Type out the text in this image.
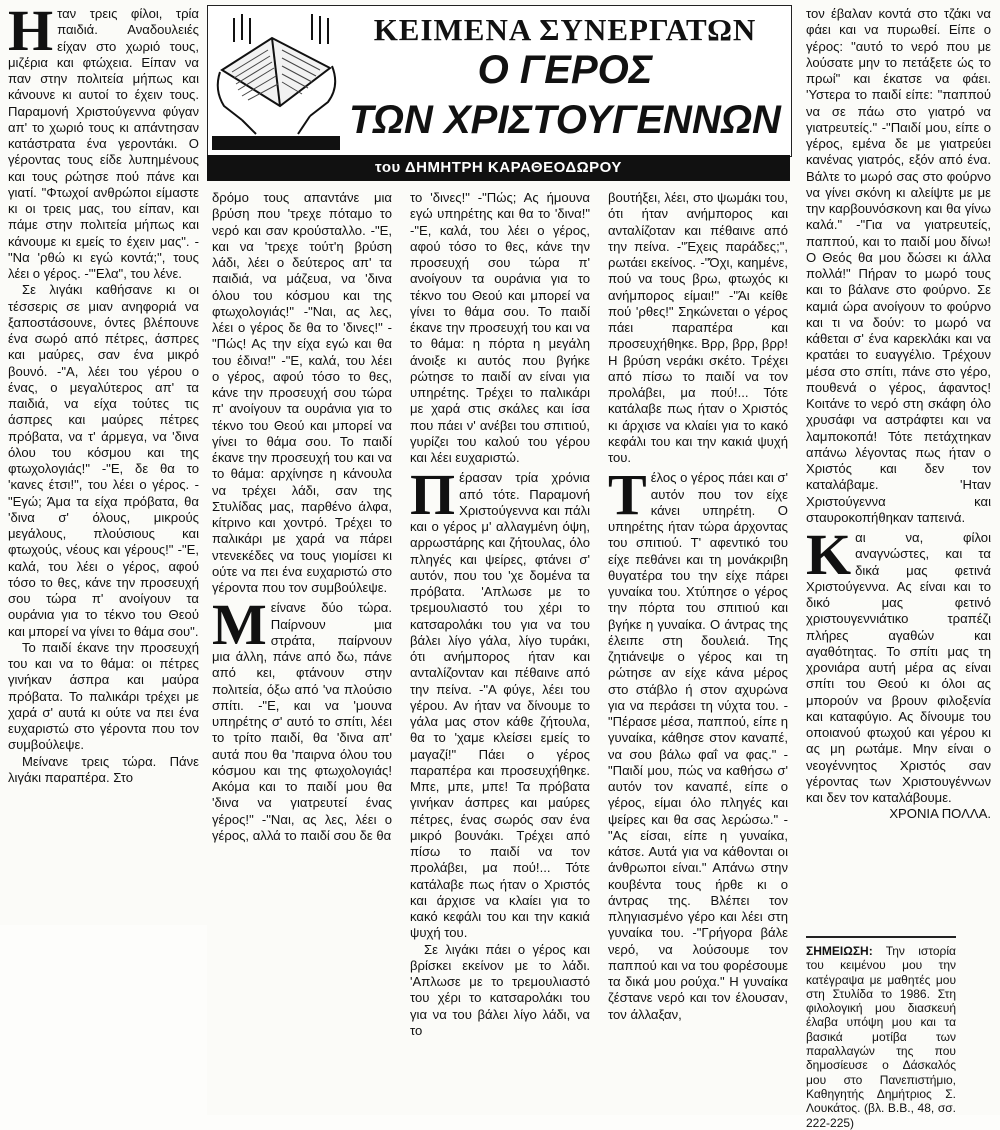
ΚΕΙΜΕΝΑ ΣΥΝΕΡΓΑΤΩΝ
Ο ΓΕΡΟΣ
ΤΩΝ ΧΡΙΣΤΟΥΓΕΝΝΩΝ
του ΔΗΜΗΤΡΗ ΚΑΡΑΘΕΟΔΩΡΟΥ
Η ταν τρεις φίλοι, τρία παιδιά. Αναδουλειές είχαν στο χωριό τους, μιζέρια και φτώχεια. Είπαν να παν στην πολιτεία μήπως και κάνουνε κι αυτοί το έχειν τους. Παραμονή Χριστούγεννα φύγαν απ' το χωριό τους κι απάντησαν κατάστρατα ένα γεροντάκι. Ο γέροντας τους είδε λυπημένους και τους ρώτησε πού πάνε και γιατί. "Φτωχοί ανθρώποι είμαστε κι οι τρεις μας, του είπαν, και πάμε στην πολιτεία μήπως και κάνουμε κι εμείς το έχειν μας". -"Να 'ρθώ κι εγώ κοντά;", τους λέει ο γέρος. -"'Ελα", του λένε.

Σε λιγάκι καθήσανε κι οι τέσσερις σε μιαν ανηφοριά να ξαποστάσουνε, όντες βλέπουνε ένα σωρό από πέτρες, άσπρες και μαύρες, σαν ένα μικρό βουνό. -"Α, λέει του γέρου ο ένας, ο μεγαλύτερος απ' τα παιδιά, να είχα τούτες τις άσπρες και μαύρες πέτρες πρόβατα, να τ' άρμεγα, να 'δινα όλου του κόσμου και της φτωχολογιάς!" -"Ε, δε θα το 'κανες έτσι!", του λέει ο γέρος. -"Εγώ; Άμα τα είχα πρόβατα, θα 'δινα σ' όλους, μικρούς μεγάλους, πλούσιους και φτωχούς, νέους και γέρους!" -"Ε, καλά, του λέει ο γέρος, αφού τόσο το θες, κάνε την προσευχή σου τώρα π' ανοίγουν τα ουράνια για το τέκνο του Θεού και μπορεί να γίνει το θάμα σου".

Το παιδί έκανε την προσευχή του και να το θάμα: οι πέτρες γινήκαν άσπρα και μαύρα πρόβατα. Το παλικάρι τρέχει με χαρά σ' αυτά κι ούτε να πει ένα ευχαριστώ στο γέροντα που τον συμβούλεψε.

Μείνανε τρεις τώρα. Πάνε λιγάκι παραπέρα. Στο

δρόμο τους απαντάνε μια βρύση που 'τρεχε πόταμο το νερό και σαν κρούσταλλο. -"Ε, και να 'τρεχε τούτ'η βρύση λάδι, λέει ο δεύτερος απ' τα παιδιά, να μάζευα, να 'δινα όλου του κόσμου και της φτωχολογιάς!" -"Ναι, ας λες, λέει ο γέρος δε θα το 'δινες!" -"Πώς! Ας την είχα εγώ και θα του έδινα!" -"Ε, καλά, του λέει ο γέρος, αφού τόσο το θες, κάνε την προσευχή σου τώρα π' ανοίγουν τα ουράνια για το τέκνο του Θεού και μπορεί να γίνει το θάμα σου. Το παιδί έκανε την προσευχή του και να το θάμα: αρχίνησε η κάνουλα να τρέχει λάδι, σαν της Στυλίδας μας, παρθένο άλφα, κίτρινο και χοντρό. Τρέχει το παλικάρι με χαρά να πάρει ντενεκέδες να τους γιομίσει κι ούτε να πει ένα ευχαριστώ στο γέροντα που τον συμβούλεψε.

Μ είνανε δύο τώρα. Παίρνουν μια στράτα, παίρνουν μια άλλη, πάνε από δω, πάνε από κει, φτάνουν στην πολιτεία, όξω από 'να πλούσιο σπίτι. -"Ε, και να 'μουνα υπηρέτης σ' αυτό το σπίτι, λέει το τρίτο παιδί, θα 'δινα απ' αυτά που θα 'παιρνα όλου του κόσμου και της φτωχολογιάς! Ακόμα και το παιδί μου θα 'δινα να γιατρευτεί ένας γέρος!" -"Ναι, ας λες, λέει ο γέρος, αλλά το παιδί σου δε θα

το 'δινες!" -"Πώς; Ας ήμουνα εγώ υπηρέτης και θα το 'δινα!" -"Ε, καλά, του λέει ο γέρος, αφού τόσο το θες, κάνε την προσευχή σου τώρα π' ανοίγουν τα ουράνια για το τέκνο του Θεού και μπορεί να γίνει το θάμα σου. Το παιδί έκανε την προσευχή του και να το θάμα: η πόρτα η μεγάλη άνοιξε κι αυτός που βγήκε ρώτησε το παιδί αν είναι για υπηρέτης. Τρέχει το παλικάρι με χαρά στις σκάλες και ίσα που πάει ν' ανέβει του σπιτιού, γυρίζει του καλού του γέρου και λέει ευχαριστώ.

Π έρασαν τρία χρόνια από τότε. Παραμονή Χριστούγεννα και πάλι και ο γέρος μ' αλλαγμένη όψη, αρρωστάρης και ζήτουλας, όλο πληγές και ψείρες, φτάνει σ' αυτόν, που του 'χε δομένα τα πρόβατα. 'Απλωσε με το τρεμουλιαστό του χέρι το κατσαρολάκι του για να του βάλει λίγο γάλα, λίγο τυράκι, ότι ανήμπορος ήταν και ανταλίζονταν και πέθαινε από την πείνα. -"Α φύγε, λέει του γέρου. Αν ήταν να δίνουμε το γάλα μας στον κάθε ζήτουλα, θα το 'χαμε κλείσει εμείς το μαγαζί!" Πάει ο γέρος παραπέρα και προσευχήθηκε. Μπε, μπε, μπε! Τα πρόβατα γινήκαν άσπρες και μαύρες πέτρες, ένας σωρός σαν ένα μικρό βουνάκι. Τρέχει από πίσω το παιδί να τον προλάβει, μα πού!... Τότε κατάλαβε πως ήταν ο Χριστός και άρχισε να κλαίει για το κακό κεφάλι του και την κακιά ψυχή του.

Σε λιγάκι πάει ο γέρος και βρίσκει εκείνον με το λάδι. 'Απλωσε με το τρεμουλιαστό του χέρι το κατσαρολάκι του για να του βάλει λίγο λάδι, να το

βουτήξει, λέει, στο ψωμάκι του, ότι ήταν ανήμπορος και ανταλίζοταν και πέθαινε από την πείνα. -"Έχεις παράδες;", ρωτάει εκείνος. -"Όχι, καημένε, πού να τους βρω, φτωχός κι ανήμπορος είμαι!" -"Άι κείθε πού 'ρθες!" Σηκώνεται ο γέρος πάει παραπέρα και προσευχήθηκε. Βρρ, βρρ, βρρ! Η βρύση νεράκι σκέτο. Τρέχει από πίσω το παιδί να τον προλάβει, μα πού!... Τότε κατάλαβε πως ήταν ο Χριστός κι άρχισε να κλαίει για το κακό κεφάλι του και την κακιά ψυχή του.

Τ έλος ο γέρος πάει και σ' αυτόν που τον είχε κάνει υπηρέτη. Ο υπηρέτης ήταν τώρα άρχοντας του σπιτιού. Τ' αφεντικό του είχε πεθάνει και τη μονάκριβη θυγατέρα του την είχε πάρει γυναίκα του. Χτύπησε ο γέρος την πόρτα του σπιτιού και βγήκε η γυναίκα. Ο άντρας της έλειπε στη δουλειά. Της ζητιάνεψε ο γέρος και τη ρώτησε αν είχε κάνα μέρος στο στάβλο ή στον αχυρώνα για να περάσει τη νύχτα του. -"Πέρασε μέσα, παππού, είπε η γυναίκα, κάθησε στον καναπέ, να σου βάλω φαΐ να φας." -"Παιδί μου, πώς να καθήσω σ' αυτόν τον καναπέ, είπε ο γέρος, είμαι όλο πληγές και ψείρες και θα σας λερώσω." -"Ας είσαι, είπε η γυναίκα, κάτσε. Αυτά για να κάθονται οι άνθρωποι είναι." Απάνω στην κουβέντα τους ήρθε κι ο άντρας της. Βλέπει τον πληγιασμένο γέρο και λέει στη γυναίκα του. -"Γρήγορα βάλε νερό, να λούσουμε τον παππού και να του φορέσουμε τα δικά μου ρούχα." Η γυναίκα ζέστανε νερό και τον έλουσαν, τον άλλαξαν,

τον έβαλαν κοντά στο τζάκι να φάει και να πυρωθεί. Είπε ο γέρος: "αυτό το νερό που με λούσατε μην το πετάξετε ώς το πρωί" και έκατσε να φάει. 'Υστερα το παιδί είπε: "παππού να σε πάω στο γιατρό να γιατρευτείς." -"Παιδί μου, είπε ο γέρος, εμένα δε με γιατρεύει κανένας γιατρός, εξόν από ένα. Βάλτε το μωρό σας στο φούρνο να γίνει σκόνη κι αλείψτε με με την καρβουνόσκονη και θα γίνω καλά." -"Για να γιατρευτείς, παππού, και το παιδί μου δίνω! Ο Θεός θα μου δώσει κι άλλα πολλά!" Πήραν το μωρό τους και το βάλανε στο φούρνο. Σε καμιά ώρα ανοίγουν το φούρνο και τι να δούν: το μωρό να κάθεται σ' ένα καρεκλάκι και να κρατάει το ευαγγέλιο. Τρέχουν μέσα στο σπίτι, πάνε στο γέρο, πουθενά ο γέρος, άφαντος! Κοιτάνε το νερό στη σκάφη όλο χρυσάφι να αστράφτει και να λαμποκοπά! Τότε πετάχτηκαν απάνω λέγοντας πως ήταν ο Χριστός και δεν τον καταλάβαμε. 'Ηταν Χριστούγεννα και σταυροκοπήθηκαν ταπεινά.

Κ αι να, φίλοι αναγνώστες, και τα δικά μας φετινά Χριστούγεννα. Ας είναι και το δικό μας φετινό χριστουγεννιάτικο τραπέζι πλήρες αγαθών και αγαθότητας. Το σπίτι μας τη χρονιάρα αυτή μέρα ας είναι σπίτι του Θεού κι όλοι ας μπορούν να βρουν φιλοξενία και καταφύγιο. Ας δίνουμε του οποιανού φτωχού και γέρου κι ας μη ρωτάμε. Μην είναι ο νεογέννητος Χριστός σαν γέροντας των Χριστουγέννων και δεν τον καταλάβουμε.

ΧΡΟΝΙΑ ΠΟΛΛΑ.

ΣΗΜΕΙΩΣΗ: Την ιστορία του κειμένου μου την κατέγραψα με μαθητές μου στη Στυλίδα το 1986. Στη φιλολογική μου διασκευή έλαβα υπόψη μου και τα βασικά μοτίβα των παραλλαγών της που δημοσίευσε ο Δάσκαλός μου στο Πανεπιστήμιο, Καθηγητής Δημήτριος Σ. Λουκάτος. (βλ. Β.Β., 48, σσ. 222-225)
